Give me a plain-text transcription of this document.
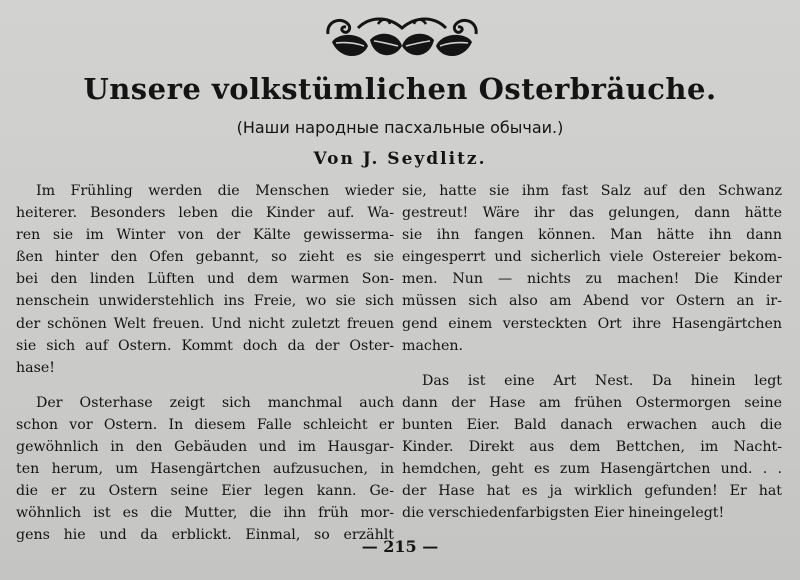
Unsere volkstümlichen Osterbräuche.
(Наши народные пасхальные обычаи.)
Von J. Seydlitz.
Im Frühling werden die Menschen wieder
heiterer. Besonders leben die Kinder auf. Wa-
ren sie im Winter von der Kälte gewisserma-
ßen hinter den Ofen gebannt, so zieht es sie
bei den linden Lüften und dem warmen Son-
nenschein unwiderstehlich ins Freie, wo sie sich
der schönen Welt freuen. Und nicht zuletzt freuen
sie sich auf Ostern. Kommt doch da der Oster-
hase!
Der Osterhase zeigt sich manchmal auch
schon vor Ostern. In diesem Falle schleicht er
gewöhnlich in den Gebäuden und im Hausgar-
ten herum, um Hasengärtchen aufzusuchen, in
die er zu Ostern seine Eier legen kann. Ge-
wöhnlich ist es die Mutter, die ihn früh mor-
gens hie und da erblickt. Einmal, so erzählt
sie, hatte sie ihm fast Salz auf den Schwanz
gestreut! Wäre ihr das gelungen, dann hätte
sie ihn fangen können. Man hätte ihn dann
eingesperrt und sicherlich viele Ostereier bekom-
men. Nun — nichts zu machen! Die Kinder
müssen sich also am Abend vor Ostern an ir-
gend einem versteckten Ort ihre Hasengärtchen
machen.
Das ist eine Art Nest. Da hinein legt
dann der Hase am frühen Ostermorgen seine
bunten Eier. Bald danach erwachen auch die
Kinder. Direkt aus dem Bettchen, im Nacht-
hemdchen, geht es zum Hasengärtchen und. . .
der Hase hat es ja wirklich gefunden! Er hat
die verschiedenfarbigsten Eier hineingelegt!
— 215 —
